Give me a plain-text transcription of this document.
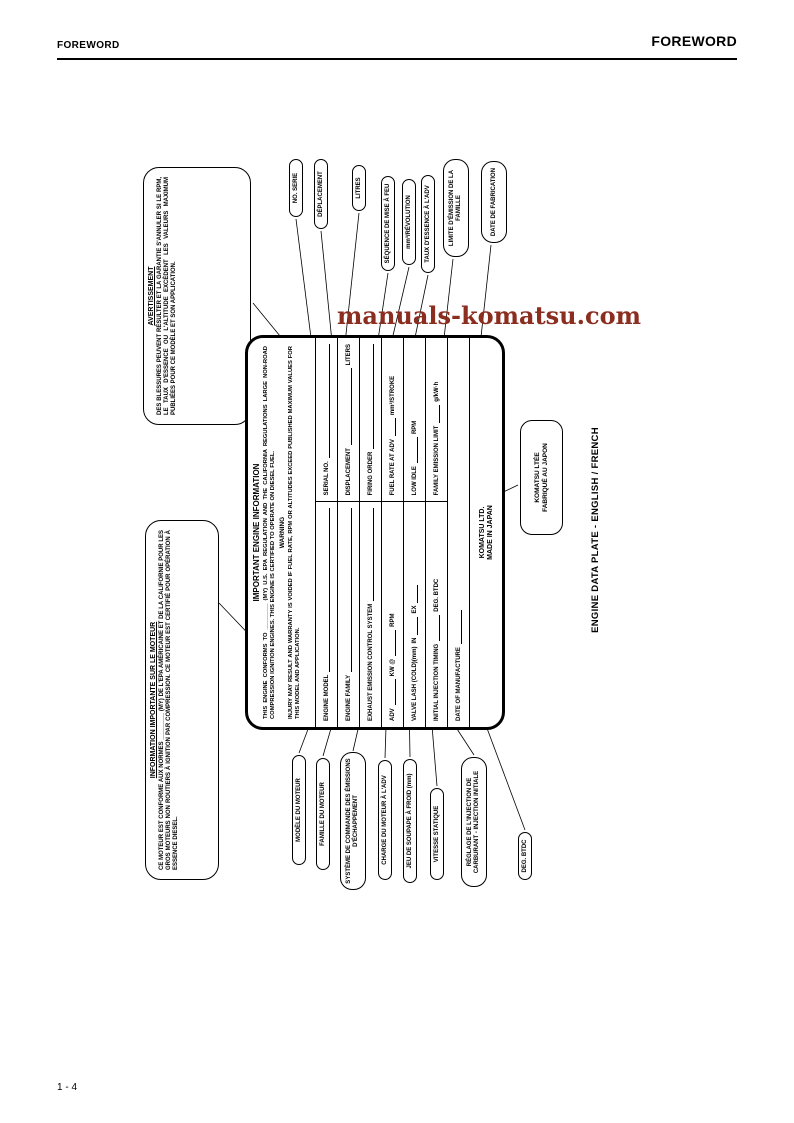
FOREWORD	FOREWORD
manuals-komatsu.com
INFORMATION IMPORTANTE SUR LE MOTEUR CE MOTEUR EST CONFORME AUX NORMES ________ (MY) DE L'EPA AMÉRICAINE ET DE LA CALIFORNIE POUR LES GROS MOTEURS NON ROUTIERS À IGNITION PAR COMPRESSION. CE MOTEUR EST CERTIFIÉ POUR OPÉRATION À ESSENCE DIESEL.
AVERTISSEMENT DES BLESSURES PEUVENT RÉSULTER ET LA GARANTIE S'ANNULER SI LE RPM, LE TAUX D'ESSENCE OU L'ALTITUDE EXCÈDENT LES VALEURS MAXIMUM PUBLIÉES POUR CE MODÈLE ET SON APPLICATION.
IMPORTANT ENGINE INFORMATION THIS ENGINE CONFORMS TO ________ (MY) U.S. EPA REGULATION AND THE CALIFORNIA REGULATIONS LARGE NON-ROAD COMPRESSION IGNITION ENGINES. THIS ENGINE IS CERTIFIED TO OPERATE ON DIESEL FUEL. WARNING INJURY MAY RESULT AND WARRANTY IS VOIDED IF FUEL RATE, RPM OR ALTITUDES EXCEED PUBLISHED MAXIMUM VALUES FOR THIS MODEL AND APPLICATION.	ENGINE MODEL
SERIAL NO.
ENGINE FAMILY
DISPLACEMENT
LITERS
EXHAUST EMISSION CONTROL SYSTEM
FIRING ORDER
ADV
KW @
RPM
FUEL RATE AT ADV
mm³/STROKE
VALVE LASH (COLD)(mm)
IN
EX
LOW IDLE
RPM
INITIAL INJECTION TIMING
DEG. BTDC
FAMILY EMISSION LIMIT
g/kW·h
DATE OF MANUFACTURE
KOMATSU LTD. MADE IN JAPAN
MODÈLE DU MOTEUR	FAMILLE DU MOTEUR	SYSTÈME DE COMMANDE DES ÉMISSIONS D'ÉCHAPPEMENT	CHARGE DU MOTEUR À L'ADV	JEU DE SOUPAPE À FROID (mm)	VITESSE STATIQUE	RÉGLAGE DE L'INJECTION DE CARBURANT - INJECTION INITIALE	DEG. BTDC
NO. SERIE	DÉPLACEMENT	LITRES	SÉQUENCE DE MISE À FEU	mm³/RÉVOLUTION	TAUX D'ESSENCE À L'ADV	LIMITE D'ÉMISSION DE LA FAMILLE	DATE DE FABRICATION
KOMATSU LTÉE FABRIQUÉ AU JAPON	ENGINE DATA PLATE - ENGLISH / FRENCH
1 - 4
